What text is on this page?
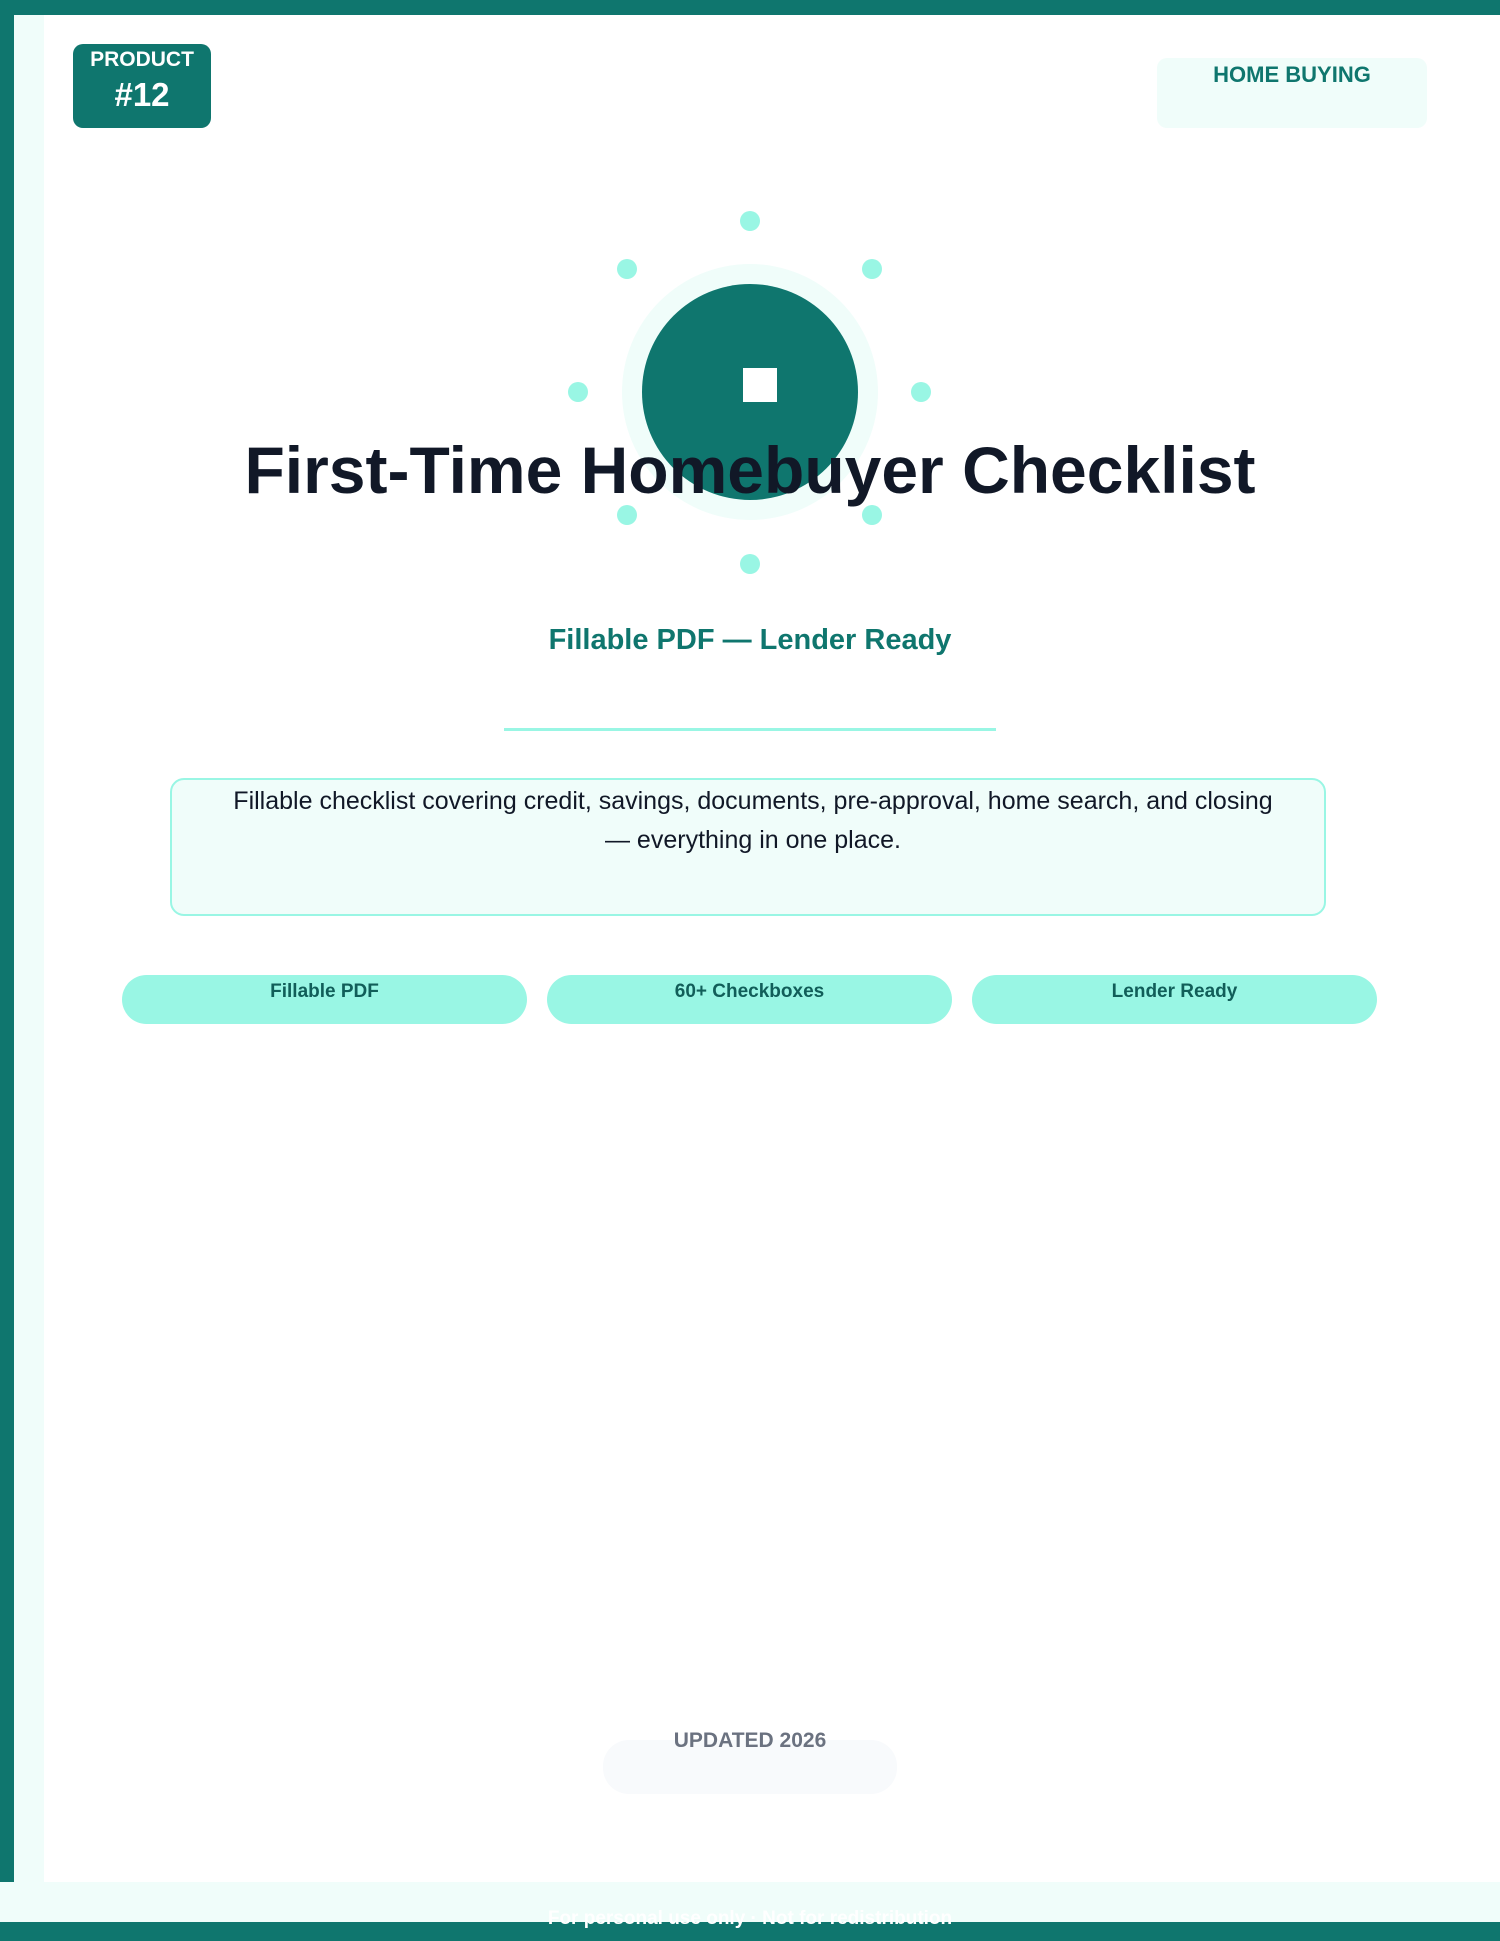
PRODUCT
#12
HOME BUYING
First-Time Homebuyer Checklist
Fillable PDF — Lender Ready

Fillable checklist covering credit, savings, documents, pre-approval, home search, and closing — everything in one place.

Fillable PDF	60+ Checkboxes	Lender Ready
UPDATED 2026
For personal use only · Not for redistribution
